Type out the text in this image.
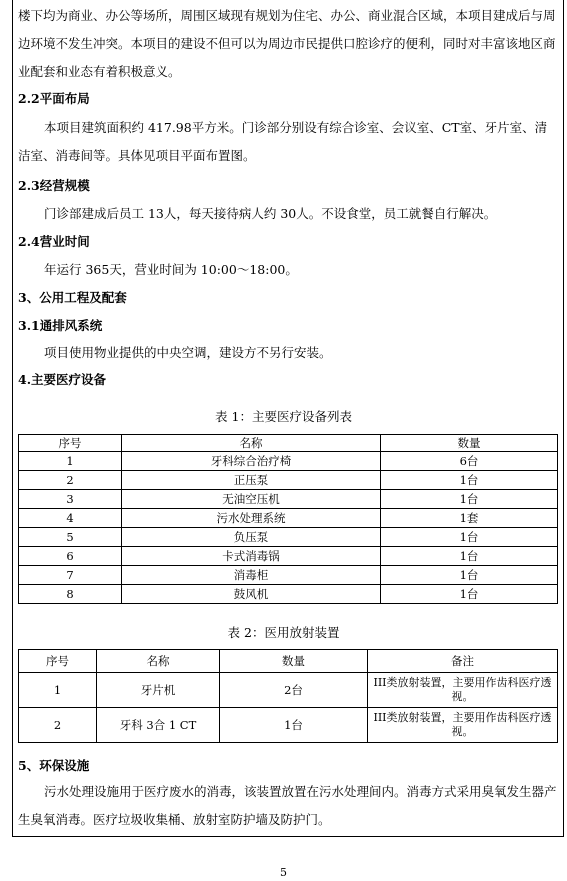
楼下均为商业、办公等场所，周围区域现有规划为住宅、办公、商业混合区域，本项目建成后与周边环境不发生冲突。本项目的建设不但可以为周边市民提供口腔诊疗的便利，同时对丰富该地区商业配套和业态有着积极意义。
2.2平面布局
本项目建筑面积约 417.98平方米。门诊部分别设有综合诊室、会议室、CT室、牙片室、清洁室、消毒间等。具体见项目平面布置图。
2.3经营规模
门诊部建成后员工 13人，每天接待病人约 30人。不设食堂，员工就餐自行解决。
2.4营业时间
年运行 365天，营业时间为 10:00～18:00。
3、公用工程及配套
3.1通排风系统
项目使用物业提供的中央空调，建设方不另行安装。
4.主要医疗设备
表 1：主要医疗设备列表
序号	名称	数量
1	牙科综合治疗椅	6台
2	正压泵	1台
3	无油空压机	1台
4	污水处理系统	1套
5	负压泵	1台
6	卡式消毒锅	1台
7	消毒柜	1台
8	鼓风机	1台
表 2：医用放射装置
序号	名称	数量	备注
1	牙片机	2台	III类放射装置，主要用作齿科医疗透视。
2	牙科 3合 1 CT	1台	III类放射装置，主要用作齿科医疗透视。
5、环保设施
污水处理设施用于医疗废水的消毒，该装置放置在污水处理间内。消毒方式采用臭氧发生器产生臭氧消毒。医疗垃圾收集桶、放射室防护墙及防护门。
5
